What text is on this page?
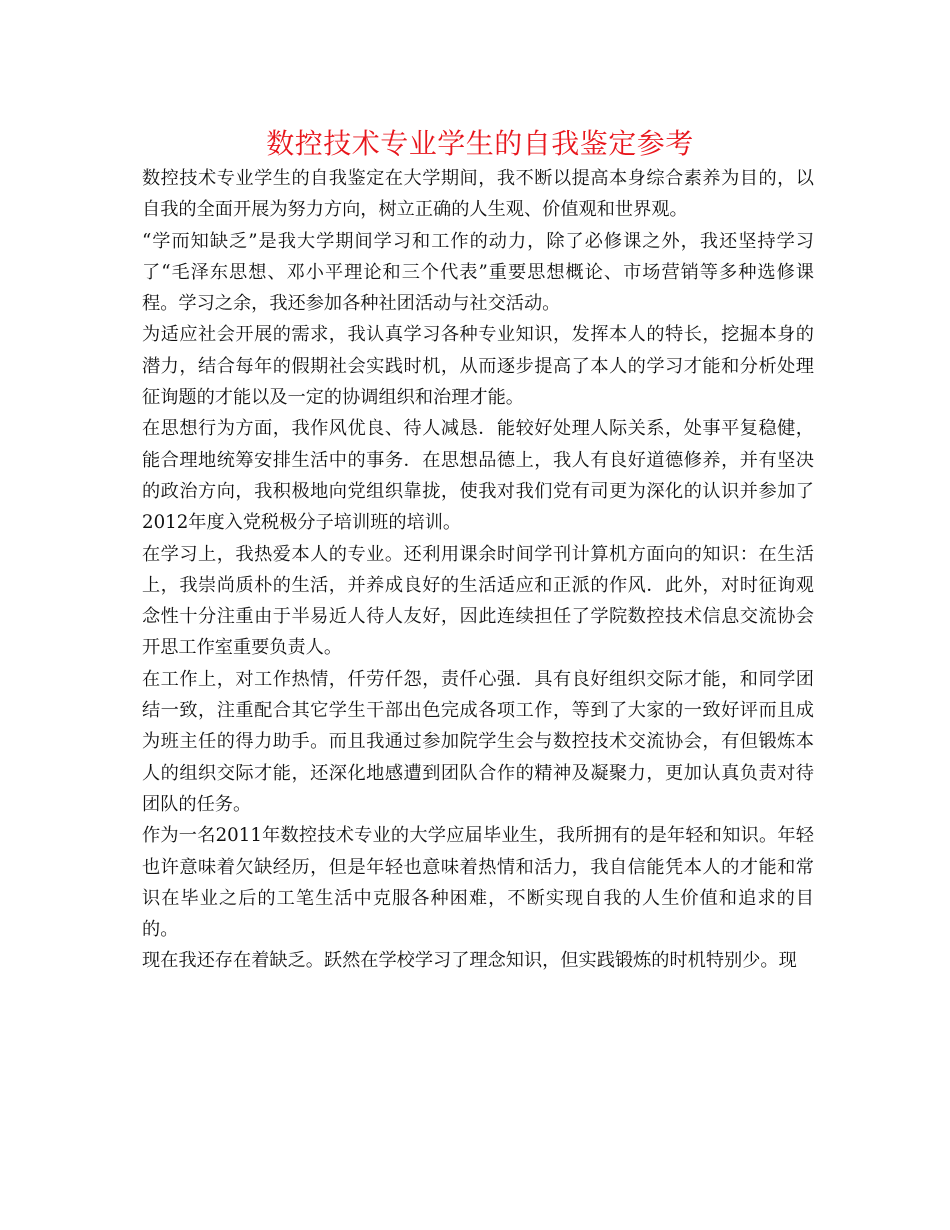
数控技术专业学生的自我鉴定参考

数控技术专业学生的自我鉴定在大学期间，我不断以提高本身综合素养为目的，以自我的全面开展为努力方向，树立正确的人生观、价值观和世界观。

“学而知缺乏”是我大学期间学习和工作的动力，除了必修课之外，我还坚持学习了“毛泽东思想、邓小平理论和三个代表”重要思想概论、市场营销等多种选修课程。学习之余，我还参加各种社团活动与社交活动。

为适应社会开展的需求，我认真学习各种专业知识，发挥本人的特长，挖掘本身的潜力，结合每年的假期社会实践时机，从而逐步提高了本人的学习才能和分析处理征询题的才能以及一定的协调组织和治理才能。

在思想行为方面，我作风优良、待人减恳．能较好处理人际关系，处事平复稳健，能合理地统筹安排生活中的事务．在思想品德上，我人有良好道德修养，并有坚决的政治方向，我积极地向党组织靠拢，使我对我们党有司更为深化的认识并参加了2012年度入党税极分子培训班的培训。

在学习上，我热爱本人的专业。还利用课余时间学刊计算机方面向的知识：在生活上，我崇尚质朴的生活，并养成良好的生活适应和正派的作风．此外，对时征询观念性十分注重由于半易近人待人友好，因此连续担任了学院数控技术信息交流协会开思工作室重要负责人。

在工作上，对工作热情，仟劳仟怨，责仟心强．具有良好组织交际才能，和同学团结一致，注重配合其它学生干部出色完成各项工作，等到了大家的一致好评而且成为班主任的得力助手。而且我通过参加院学生会与数控技术交流协会，有但锻炼本人的组织交际才能，还深化地感遭到团队合作的精神及凝聚力，更加认真负责对待团队的任务。

作为一名2011年数控技术专业的大学应届毕业生，我所拥有的是年轻和知识。年轻也许意味着欠缺经历，但是年轻也意味着热情和活力，我自信能凭本人的才能和常识在毕业之后的工笔生活中克服各种困难，不断实现自我的人生价值和追求的目的。

现在我还存在着缺乏。跃然在学校学习了理念知识，但实践锻炼的时机特别少。现
